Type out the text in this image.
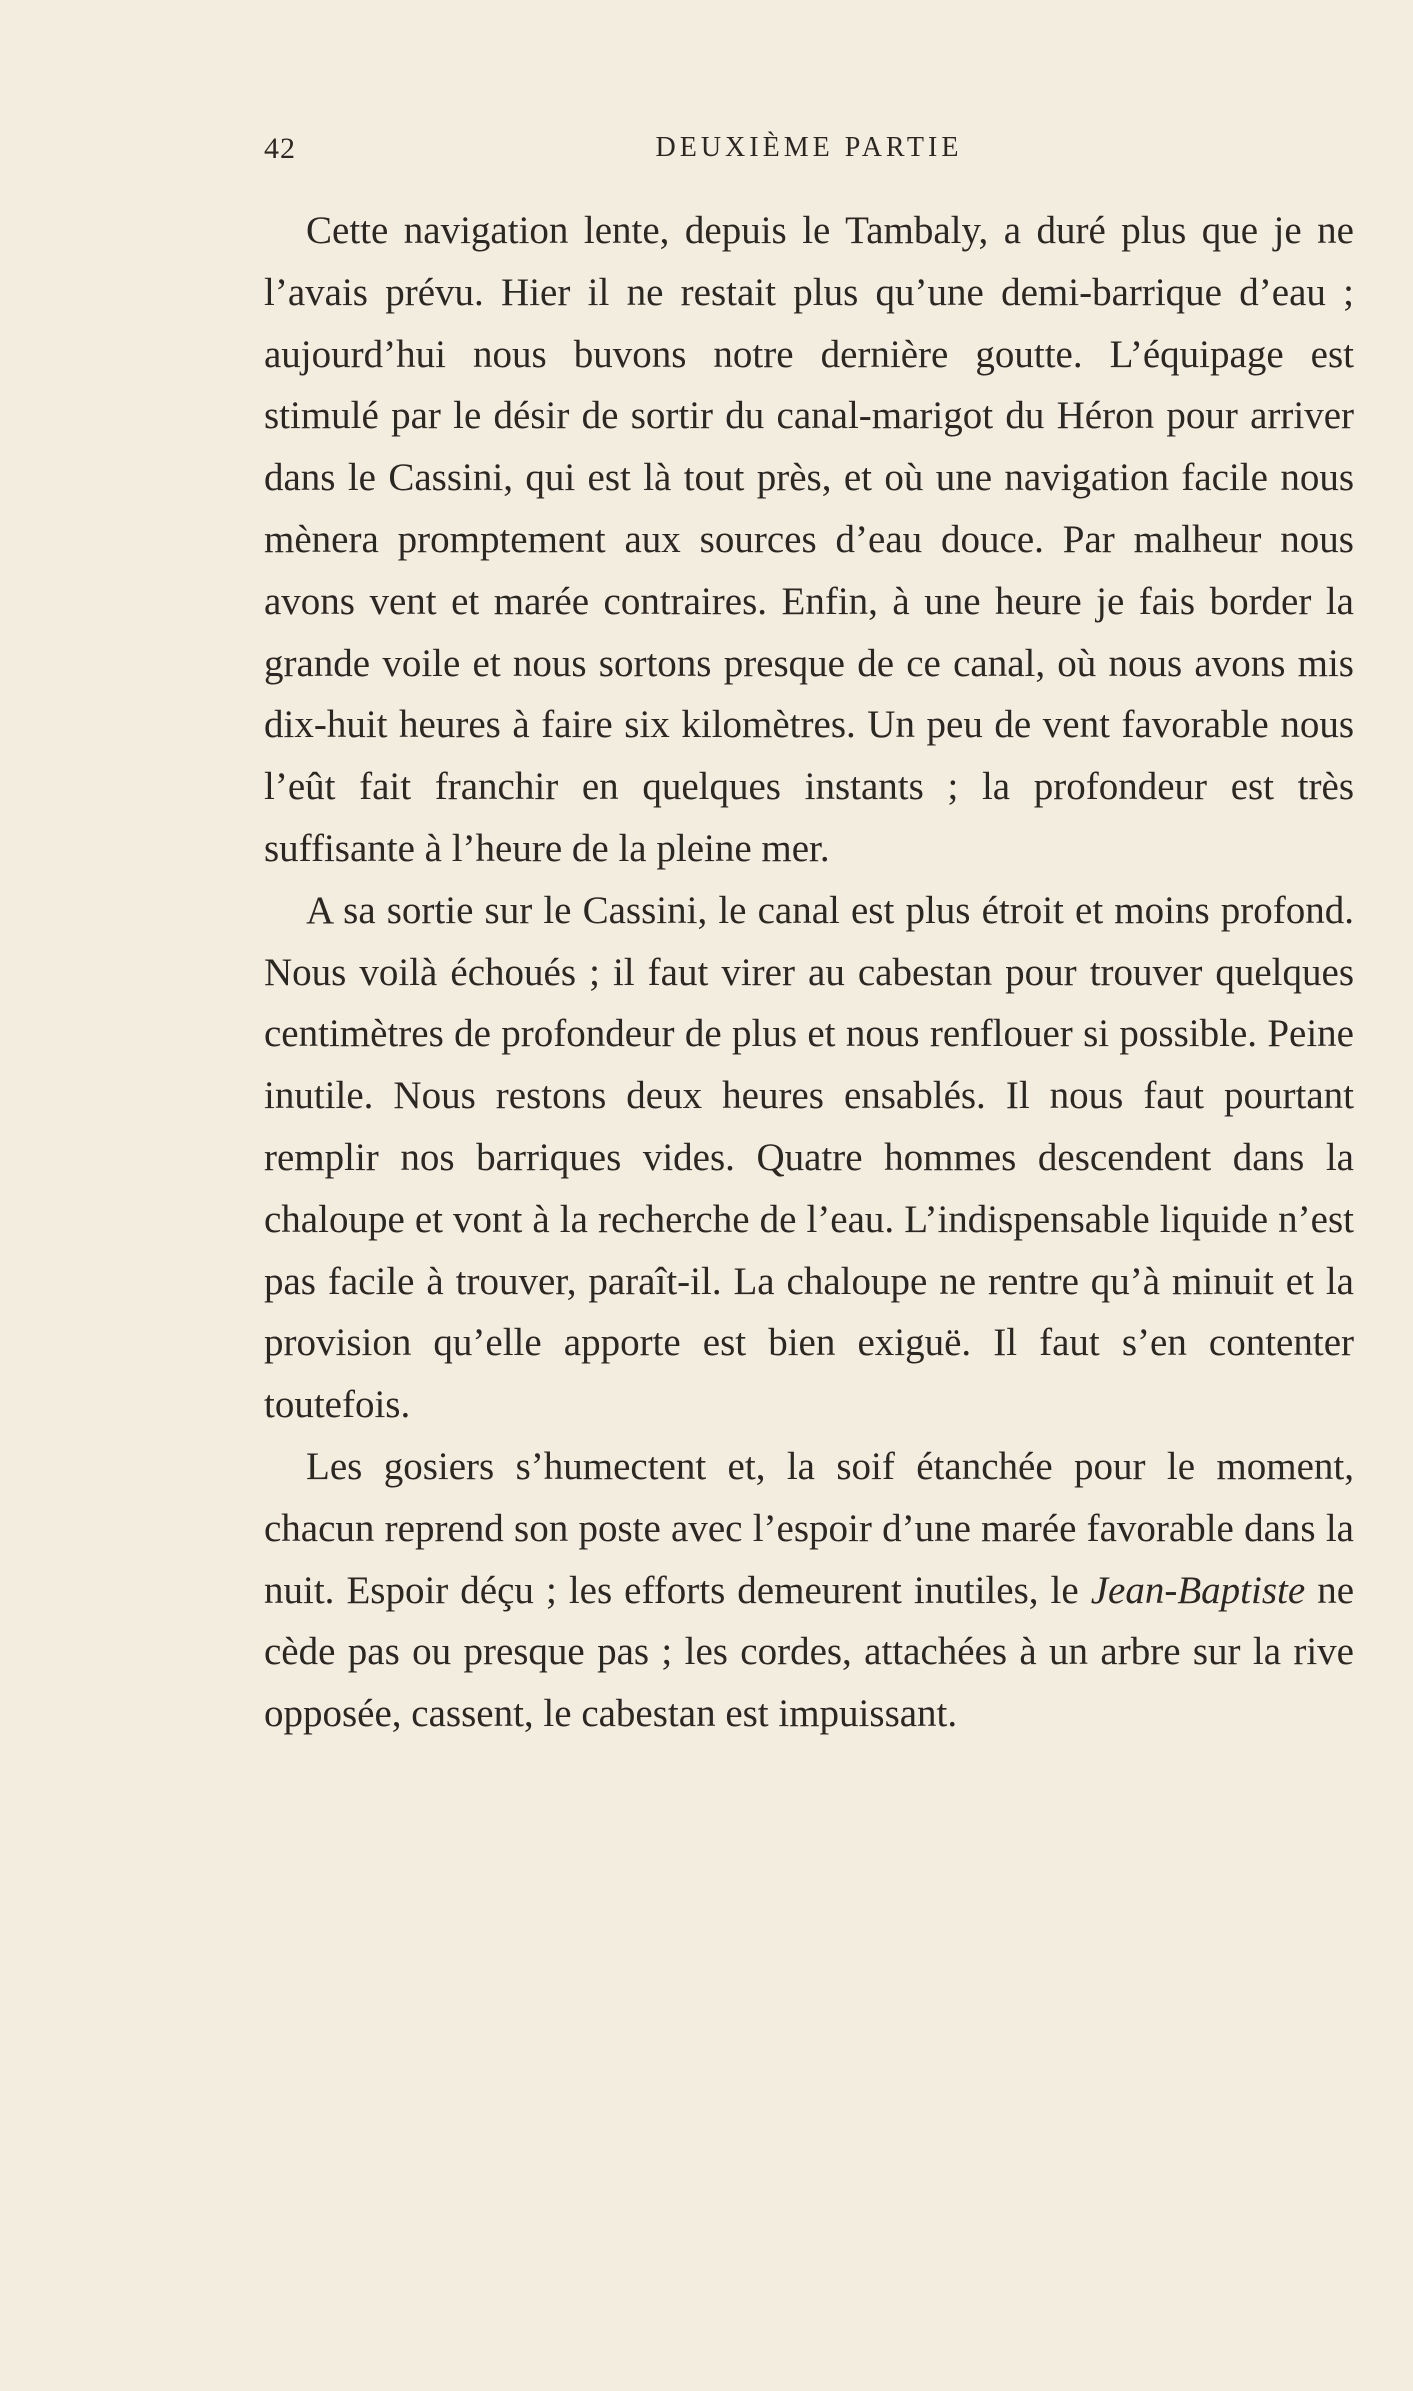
42	DEUXIÈME PARTIE

Cette navigation lente, depuis le Tambaly, a duré plus que je ne l’avais prévu. Hier il ne restait plus qu’une demi-barrique d’eau ; aujourd’hui nous buvons notre dernière goutte. L’équipage est stimulé par le désir de sortir du canal-marigot du Héron pour arriver dans le Cassini, qui est là tout près, et où une navigation facile nous mènera promptement aux sources d’eau douce. Par malheur nous avons vent et marée contraires. Enfin, à une heure je fais border la grande voile et nous sortons presque de ce canal, où nous avons mis dix-huit heures à faire six kilomètres. Un peu de vent favorable nous l’eût fait franchir en quelques instants ; la profondeur est très suffisante à l’heure de la pleine mer.

A sa sortie sur le Cassini, le canal est plus étroit et moins profond. Nous voilà échoués ; il faut virer au cabestan pour trouver quelques centimètres de profondeur de plus et nous renflouer si possible. Peine inutile. Nous restons deux heures ensablés. Il nous faut pourtant remplir nos barriques vides. Quatre hommes descendent dans la chaloupe et vont à la recherche de l’eau. L’indispensable liquide n’est pas facile à trouver, paraît-il. La chaloupe ne rentre qu’à minuit et la provision qu’elle apporte est bien exiguë. Il faut s’en contenter toutefois.

Les gosiers s’humectent et, la soif étanchée pour le moment, chacun reprend son poste avec l’espoir d’une marée favorable dans la nuit. Espoir déçu ; les efforts demeurent inutiles, le Jean-Baptiste ne cède pas ou presque pas ; les cordes, attachées à un arbre sur la rive opposée, cassent, le cabestan est impuissant.
